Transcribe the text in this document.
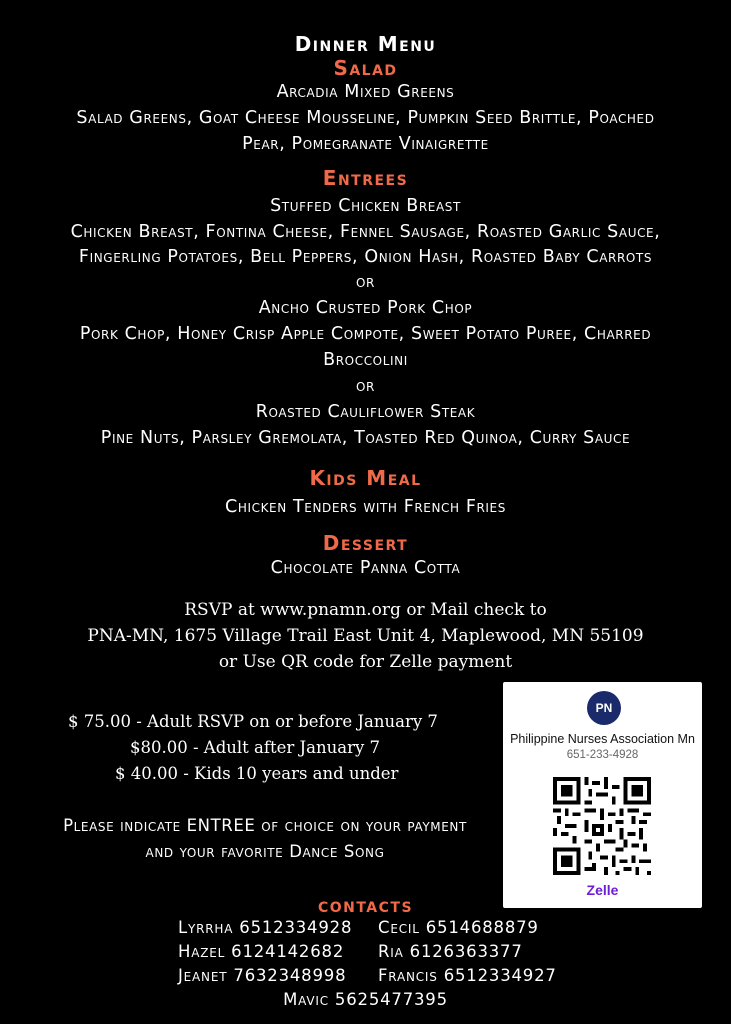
Dinner Menu
Salad
Arcadia Mixed Greens
Salad Greens, Goat Cheese Mousseline, Pumpkin Seed Brittle, Poached
Pear, Pomegranate Vinaigrette
Entrees
Stuffed Chicken Breast
Chicken Breast, Fontina Cheese, Fennel Sausage, Roasted Garlic Sauce,
Fingerling Potatoes, Bell Peppers, Onion Hash, Roasted Baby Carrots
or
Ancho Crusted Pork Chop
Pork Chop, Honey Crisp Apple Compote, Sweet Potato Puree, Charred
Broccolini
or
Roasted Cauliflower Steak
Pine Nuts, Parsley Gremolata, Toasted Red Quinoa, Curry Sauce
Kids Meal
Chicken Tenders with French Fries
Dessert
Chocolate Panna Cotta
RSVP at www.pnamn.org or Mail check to
PNA-MN, 1675 Village Trail East Unit 4, Maplewood, MN 55109
or Use QR code for Zelle payment
$ 75.00 - Adult RSVP on or before January 7
$80.00 - Adult after January 7
$ 40.00 - Kids 10 years and under
Please indicate ENTREE of choice on your payment
and your favorite Dance Song
PN
Philippine Nurses Association Mn
651-233-4928
Zelle
contacts
Lyrrha 6512334928 Cecil 6514688879
Hazel 6124142682 Ria 6126363377
Jeanet 7632348998 Francis 6512334927
Mavic 5625477395
